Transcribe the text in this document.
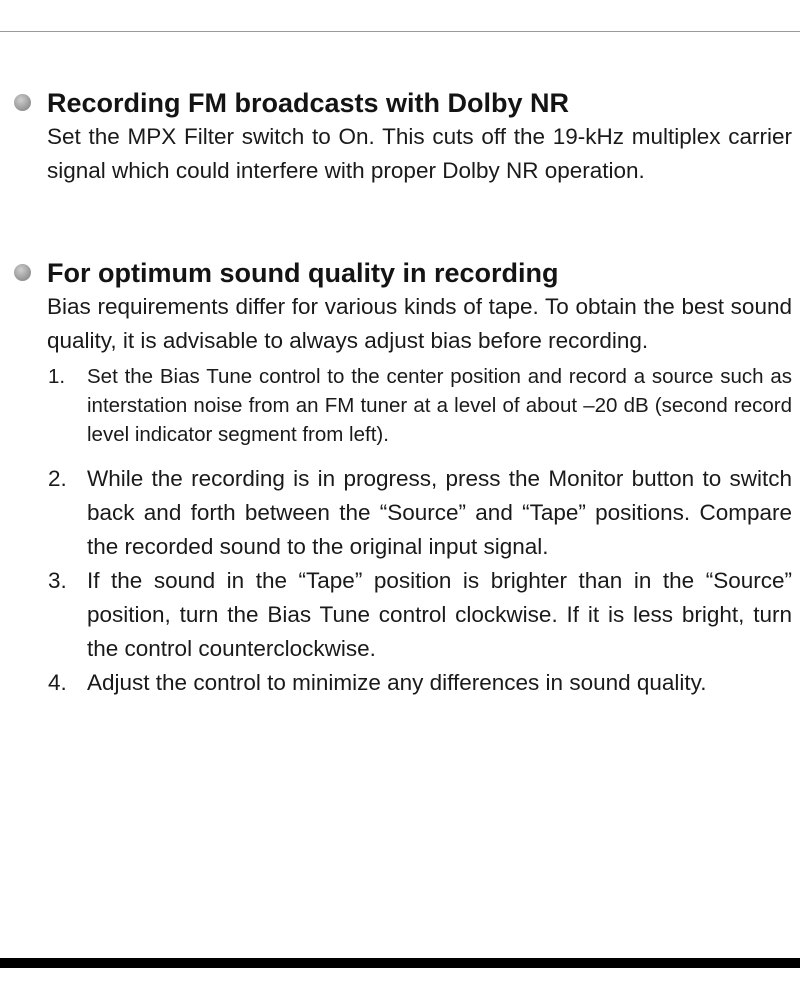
Recording FM broadcasts with Dolby NR

Set the MPX Filter switch to On. This cuts off the 19-kHz multiplex carrier signal which could interfere with proper Dolby NR operation.

For optimum sound quality in recording

Bias requirements differ for various kinds of tape. To obtain the best sound quality, it is advisable to always adjust bias before recording.

1. Set the Bias Tune control to the center position and record a source such as interstation noise from an FM tuner at a level of about –20 dB (second record level indicator segment from left).
2. While the recording is in progress, press the Monitor button to switch back and forth between the “Source” and “Tape” positions. Compare the recorded sound to the original input signal.
3. If the sound in the “Tape” position is brighter than in the “Source” position, turn the Bias Tune control clockwise. If it is less bright, turn the control counterclockwise.
4. Adjust the control to minimize any differences in sound quality.
